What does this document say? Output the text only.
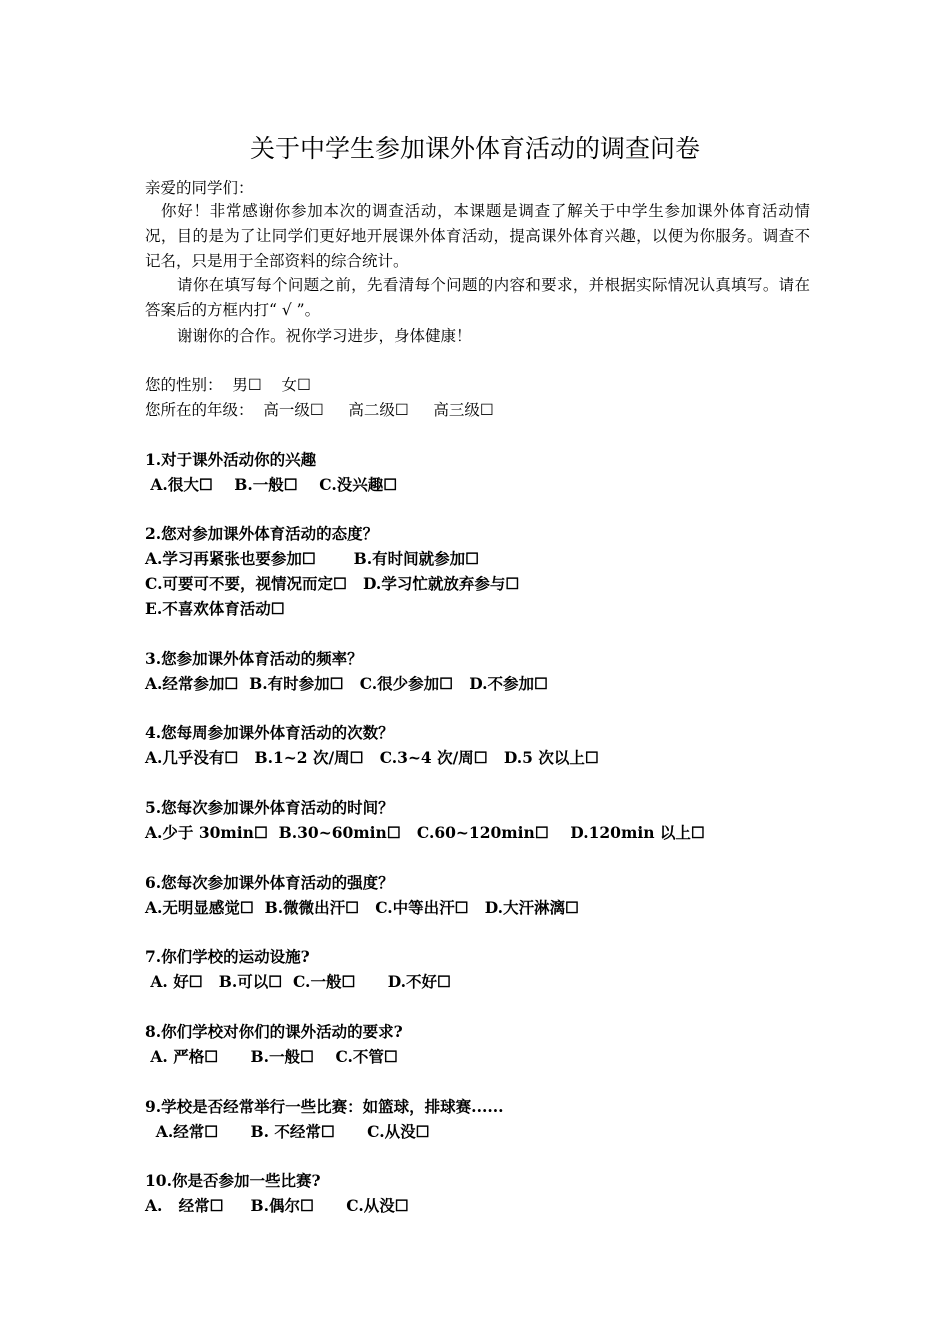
关于中学生参加课外体育活动的调查问卷
亲爱的同学们：
你好！非常感谢你参加本次的调查活动，本课题是调查了解关于中学生参加课外体育活动情况，目的是为了让同学们更好地开展课外体育活动，提高课外体育兴趣，以便为你服务。调查不记名，只是用于全部资料的综合统计。
请你在填写每个问题之前，先看清每个问题的内容和要求，并根据实际情况认真填写。请在答案后的方框内打“ √ ”。
谢谢你的合作。祝你学习进步，身体健康！
您的性别：  男☐    女☐
您所在的年级：  高一级☐     高二级☐     高三级☐
1.对于课外活动你的兴趣
A.很大☐    B.一般☐    C.没兴趣☐
2.您对参加课外体育活动的态度？
A.学习再紧张也要参加☐       B.有时间就参加☐
C.可要可不要，视情况而定☐   D.学习忙就放弃参与☐
E.不喜欢体育活动☐
3.您参加课外体育活动的频率？
A.经常参加☐  B.有时参加☐   C.很少参加☐   D.不参加☐
4.您每周参加课外体育活动的次数？
A.几乎没有☐   B.1~2 次/周☐   C.3~4 次/周☐   D.5 次以上☐
5.您每次参加课外体育活动的时间？
A.少于 30min☐  B.30~60min☐   C.60~120min☐    D.120min 以上☐
6.您每次参加课外体育活动的强度？
A.无明显感觉☐  B.微微出汗☐   C.中等出汗☐   D.大汗淋漓☐
7.你们学校的运动设施?
A. 好☐   B.可以☐  C.一般☐      D.不好☐
8.你们学校对你们的课外活动的要求?
A. 严格☐      B.一般☐    C.不管☐
9.学校是否经常举行一些比赛：如篮球，排球赛......
A.经常☐      B. 不经常☐      C.从没☐
10.你是否参加一些比赛?
A.   经常☐     B.偶尔☐      C.从没☐
